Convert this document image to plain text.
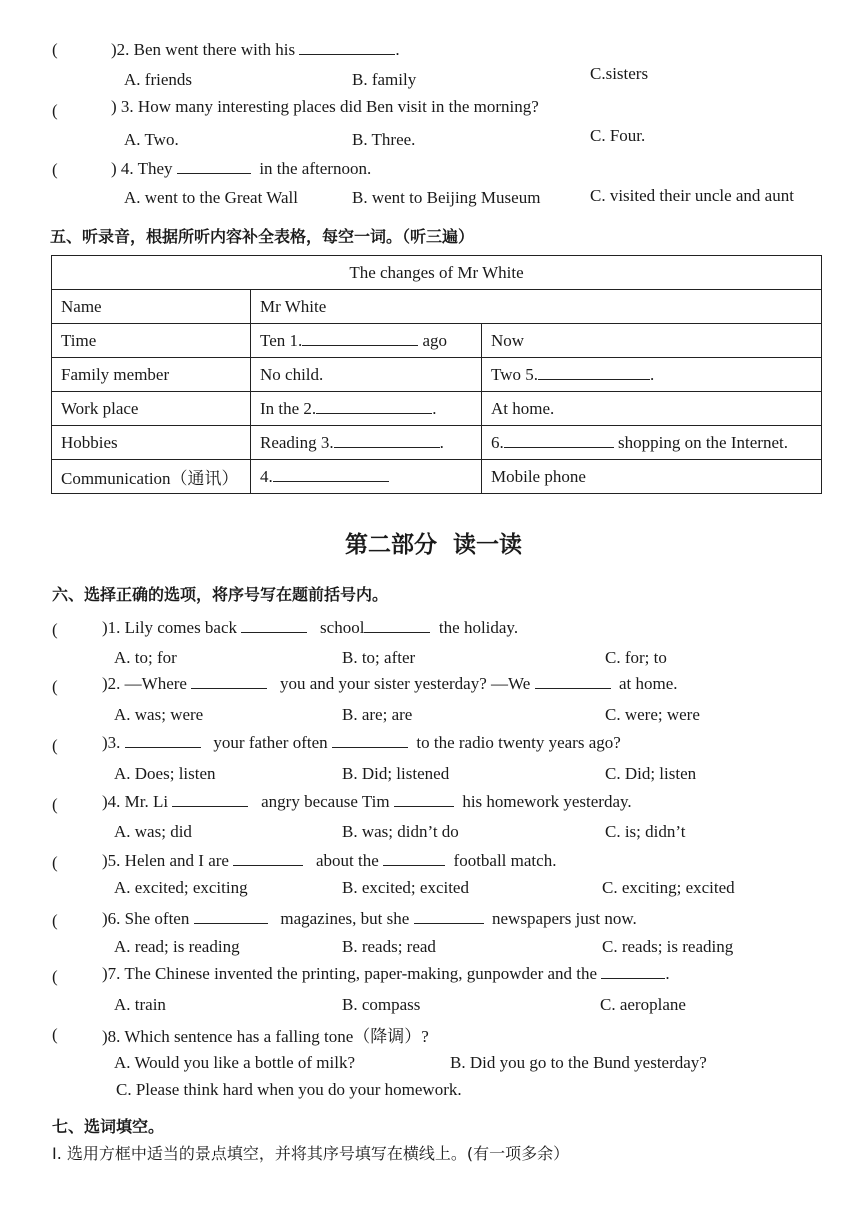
(	)2. Ben went there with his	.
A. friends	B. family	C.sisters
(	) 3. How many interesting places did Ben visit in the morning?
A. Two.	B. Three.	C. Four.
(	) 4. They	in the afternoon.
A. went to the Great Wall	B. went to Beijing Museum	C. visited their uncle and aunt
五、听录音，根据所听内容补全表格，每空一词。（听三遍）
The changes of Mr White		
Name	Mr White	
Time	Ten 1. ago	Now
Family member	No child.	Two 5. .
Work place	In the 2. .	At home.
Hobbies	Reading 3. .	6. shopping on the Internet.
Communication（通讯）	4.	Mobile phone
第二部分  读一读
六、选择正确的选项，将序号写在题前括号内。
(	)1. Lily comes back	school	the holiday.
A. to; for	B. to; after	C. for; to
(	)2. —Where	you and your sister yesterday? —We	at home.
A. was; were	B. are; are	C. were; were
(	)3.	your father often	to the radio twenty years ago?
A. Does; listen	B. Did; listened	C. Did; listen
(	)4. Mr. Li	angry because Tim	his homework yesterday.
A. was; did	B. was; didn’t do	C. is; didn’t
(	)5. Helen and I are	about the	football match.
A. excited; exciting	B. excited; excited	C. exciting; excited
(	)6. She often	magazines, but she	newspapers just now.
A. read; is reading	B. reads; read	C. reads; is reading
(	)7. The Chinese invented the printing, paper-making, gunpowder and the	.
A. train	B. compass	C. aeroplane
(	)8. Which sentence has a falling tone（降调）?
A. Would you like a bottle of milk?	B. Did you go to the Bund yesterday?
C. Please think hard when you do your homework.
七、选词填空。
I. 选用方框中适当的景点填空，并将其序号填写在横线上。(有一项多余）
